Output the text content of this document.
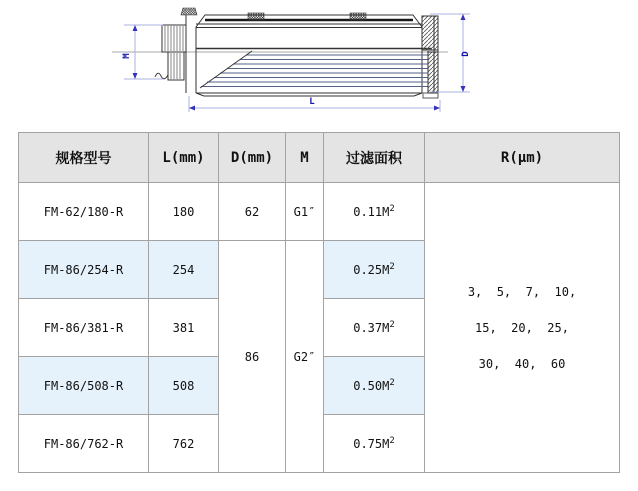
M	D
L
规格型号	L(mm)	D(mm)	M	过滤面积	R(μm)
FM-62/180-R	180	62	G1″	$0.11M^2$	3,  5,  7,  10,
15,  20,  25,
30,  40,  60

FM-86/254-R	254	86	G2″	$0.25M^2$
FM-86/381-R	381			$0.37M^2$
FM-86/508-R	508			$0.50M^2$
FM-86/762-R	762			$0.75M^2$
